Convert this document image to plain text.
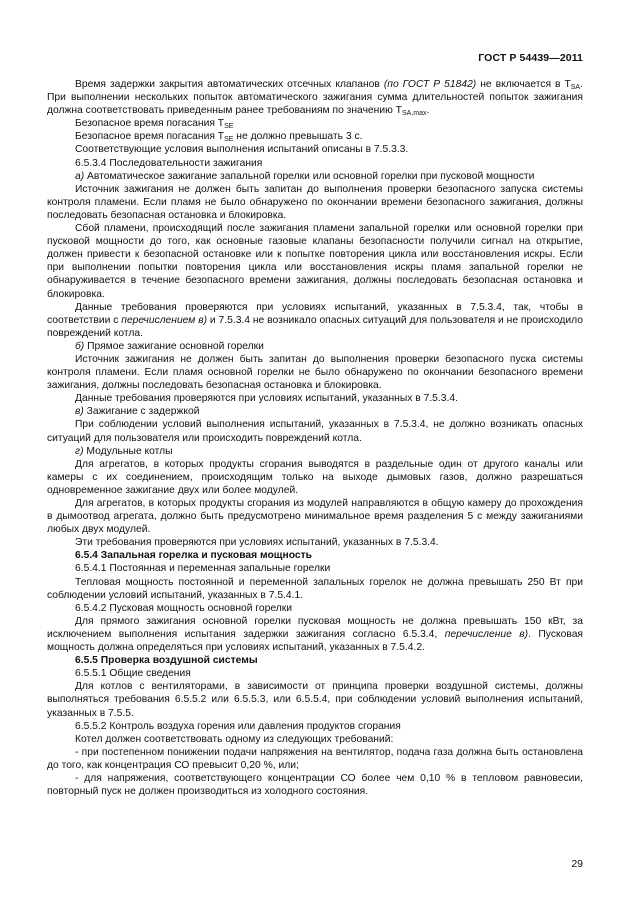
ГОСТ Р 54439—2011

Время задержки закрытия автоматических отсечных клапанов (по ГОСТ Р 51842) не включается в $T_{SA}$. При выполнении нескольких попыток автоматического зажигания сумма длительностей попыток зажигания должна соответствовать приведенным ранее требованиям по значению $T_{SA,max}$.

Безопасное время погасания $T_{SE}$

Безопасное время погасания $T_{SE}$ не должно превышать 3 с.

Соответствующие условия выполнения испытаний описаны в 7.5.3.3.

6.5.3.4 Последовательности зажигания

а) Автоматическое зажигание запальной горелки или основной горелки при пусковой мощности

Источник зажигания не должен быть запитан до выполнения проверки безопасного запуска системы контроля пламени. Если пламя не было обнаружено по окончании времени безопасного зажигания, должны последовать безопасная остановка и блокировка.

Сбой пламени, происходящий после зажигания пламени запальной горелки или основной горелки при пусковой мощности до того, как основные газовые клапаны безопасности получили сигнал на открытие, должен привести к безопасной остановке или к попытке повторения цикла или восстановления искры. Если при выполнении попытки повторения цикла или восстановления искры пламя запальной горелки не обнаруживается в течение безопасного времени зажигания, должны последовать безопасная остановка и блокировка.

Данные требования проверяются при условиях испытаний, указанных в 7.5.3.4, так, чтобы в соответствии с перечислением в) и 7.5.3.4 не возникало опасных ситуаций для пользователя и не происходило повреждений котла.

б) Прямое зажигание основной горелки

Источник зажигания не должен быть запитан до выполнения проверки безопасного пуска системы контроля пламени. Если пламя основной горелки не было обнаружено по окончании безопасного времени зажигания, должны последовать безопасная остановка и блокировка.

Данные требования проверяются при условиях испытаний, указанных в 7.5.3.4.

в) Зажигание с задержкой

При соблюдении условий выполнения испытаний, указанных в 7.5.3.4, не должно возникать опасных ситуаций для пользователя или происходить повреждений котла.

г) Модульные котлы

Для агрегатов, в которых продукты сгорания выводятся в раздельные один от другого каналы или камеры с их соединением, происходящим только на выходе дымовых газов, должно разрешаться одновременное зажигание двух или более модулей.

Для агрегатов, в которых продукты сгорания из модулей направляются в общую камеру до прохождения в дымоотвод агрегата, должно быть предусмотрено минимальное время разделения 5 с между зажиганиями любых двух модулей.

Эти требования проверяются при условиях испытаний, указанных в 7.5.3.4.

6.5.4 Запальная горелка и пусковая мощность

6.5.4.1 Постоянная и переменная запальные горелки

Тепловая мощность постоянной и переменной запальных горелок не должна превышать 250 Вт при соблюдении условий испытаний, указанных в 7.5.4.1.

6.5.4.2 Пусковая мощность основной горелки

Для прямого зажигания основной горелки пусковая мощность не должна превышать 150 кВт, за исключением выполнения испытания задержки зажигания согласно 6.5.3.4, перечисление в). Пусковая мощность должна определяться при условиях испытаний, указанных в 7.5.4.2.

6.5.5 Проверка воздушной системы

6.5.5.1 Общие сведения

Для котлов с вентиляторами, в зависимости от принципа проверки воздушной системы, должны выполняться требования 6.5.5.2 или 6.5.5.3, или 6.5.5.4, при соблюдении условий выполнения испытаний, указанных в 7.5.5.

6.5.5.2 Контроль воздуха горения или давления продуктов сгорания

Котел должен соответствовать одному из следующих требований:

- при постепенном понижении подачи напряжения на вентилятор, подача газа должна быть остановлена до того, как концентрация СО превысит 0,20 %, или;

- для напряжения, соответствующего концентрации СО более чем 0,10 % в тепловом равновесии, повторный пуск не должен производиться из холодного состояния.

29
